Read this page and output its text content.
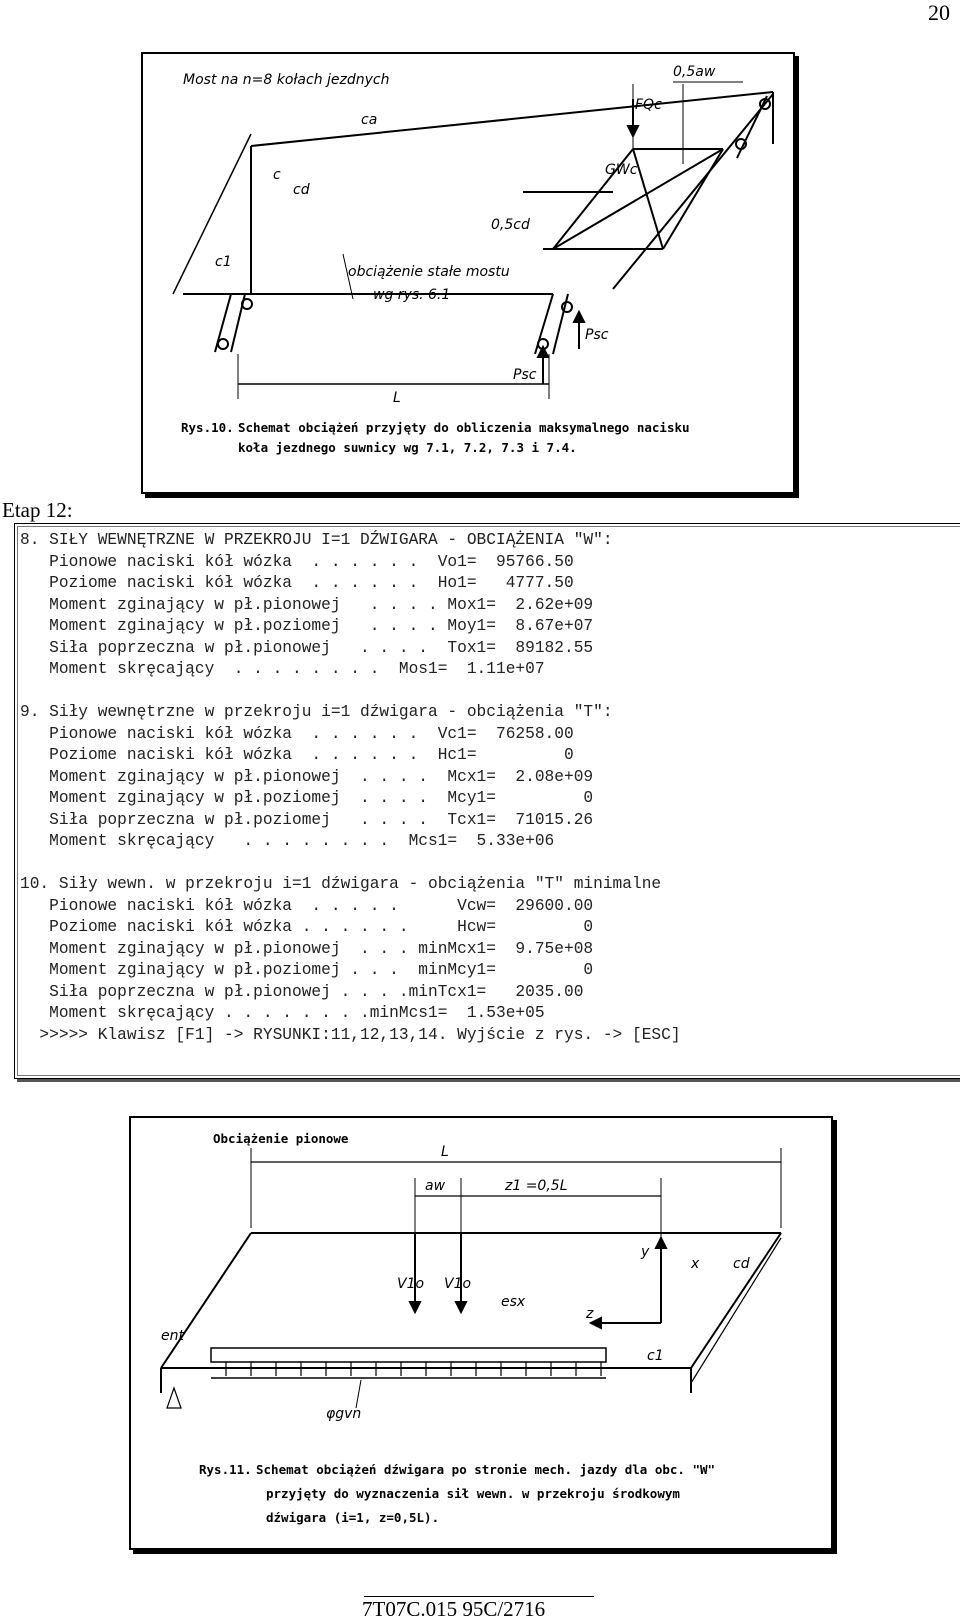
20
Most na n=8 kołach jezdnych	0,5aw
FQc
GWc
ca
c
cd
0,5cd
c1
obciążenie stałe mostu
wg rys. 6.1
Psc
Psc
L
Rys.10. Schemat obciążeń przyjęty do obliczenia maksymalnego nacisku
koła jezdnego suwnicy wg 7.1, 7.2, 7.3 i 7.4.
Etap 12:
8. SIŁY WEWNĘTRZNE W PRZEKROJU I=1 DŹWIGARA - OBCIĄŻENIA "W":
Pionowe naciski kół wózka  . . . . . .  Vo1=  95766.50
Poziome naciski kół wózka  . . . . . .  Ho1=   4777.50
Moment zginający w pł.pionowej   . . . . Mox1=  2.62e+09
Moment zginający w pł.poziomej   . . . . Moy1=  8.67e+07
Siła poprzeczna w pł.pionowej   . . . .  Tox1=  89182.55
Moment skręcający  . . . . . . . .  Mos1=  1.11e+07
9. Siły wewnętrzne w przekroju i=1 dźwigara - obciążenia "T":
Pionowe naciski kół wózka  . . . . . .  Vc1=  76258.00
Poziome naciski kół wózka  . . . . . .  Hc1=         0
Moment zginający w pł.pionowej  . . . .  Mcx1=  2.08e+09
Moment zginający w pł.poziomej  . . . .  Mcy1=         0
Siła poprzeczna w pł.poziomej   . . . .  Tcx1=  71015.26
Moment skręcający   . . . . . . . .  Mcs1=  5.33e+06
10. Siły wewn. w przekroju i=1 dźwigara - obciążenia "T" minimalne
Pionowe naciski kół wózka  . . . . .      Vcw=  29600.00
Poziome naciski kół wózka . . . . . .     Hcw=         0
Moment zginający w pł.pionowej  . . . minMcx1=  9.75e+08
Moment zginający w pł.poziomej . . .  minMcy1=         0
Siła poprzeczna w pł.pionowej . . . .minTcx1=   2035.00
Moment skręcający . . . . . . . .minMcs1=  1.53e+05
>>>>> Klawisz [F1] -> RYSUNKI:11,12,13,14. Wyjście z rys. -> [ESC]
Obciążenie pionowe
L
aw	z1 =0,5L
y
V1o V1o
esx
z
x cd
ent
c1
φgvn
Rys.11. Schemat obciążeń dźwigara po stronie mech. jazdy dla obc. "W"
przyjęty do wyznaczenia sił wewn. w przekroju środkowym
dźwigara (i=1, z=0,5L).
7T07C.015 95C/2716
